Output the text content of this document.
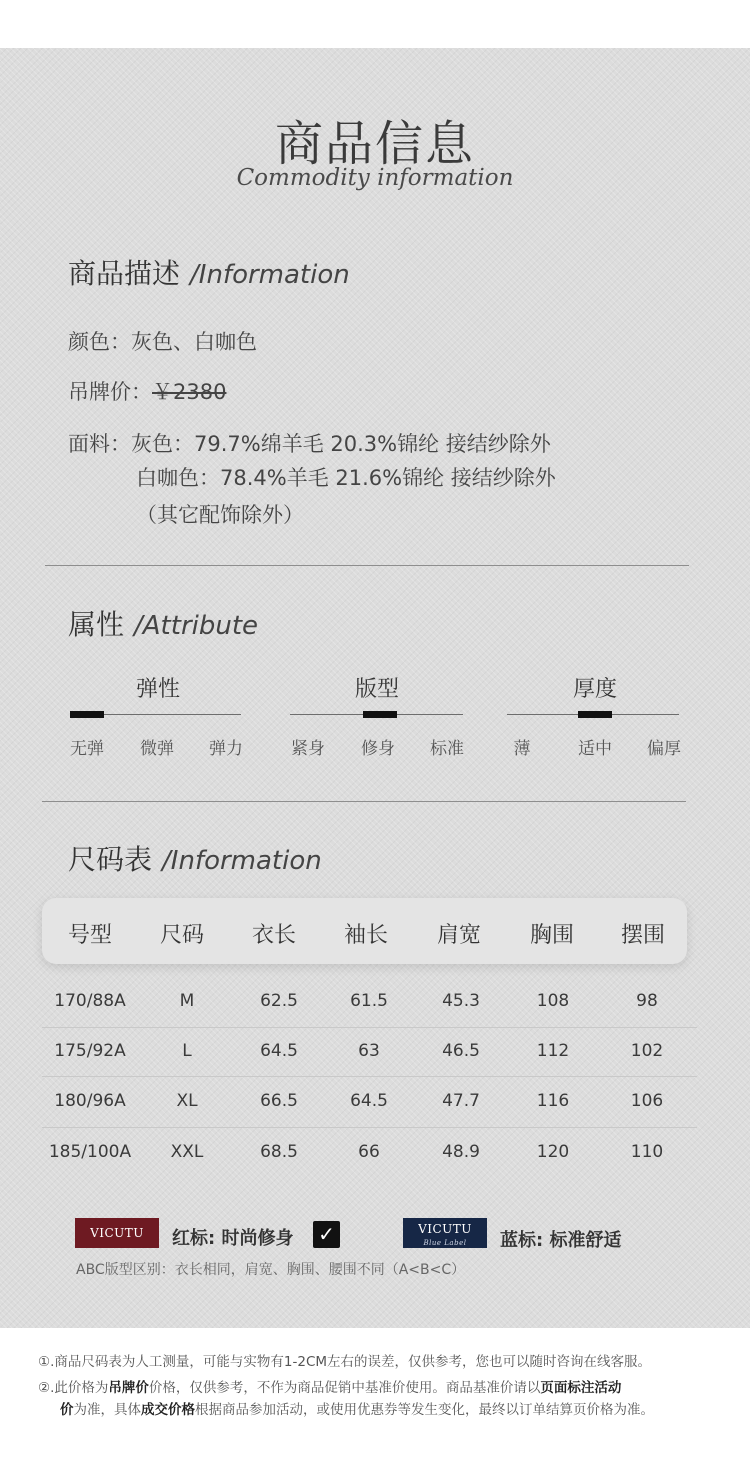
商品信息
Commodity information
商品描述 /Information
颜色：灰色、白咖色
吊牌价：￥2380
面料：灰色：79.7%绵羊毛 20.3%锦纶 接结纱除外
白咖色：78.4%羊毛 21.6%锦纶 接结纱除外
（其它配饰除外）
属性 /Attribute
弹性
无弹	微弹	弹力
版型
紧身	修身	标准
厚度
薄	适中	偏厚
尺码表 /Information
号型	尺码	衣长	袖长	肩宽	胸围	摆围
170/88A	M	62.5	61.5	45.3	108	98
175/92A	L	64.5	63	46.5	112	102
180/96A	XL	66.5	64.5	47.7	116	106
185/100A	XXL	68.5	66	48.9	120	110
VICUTU	红标: 时尚修身 ✓	VICUTU
Blue Label	蓝标: 标准舒适
ABC版型区别：衣长相同，肩宽、胸围、腰围不同（A<B<C）
①.商品尺码表为人工测量，可能与实物有1-2CM左右的误差，仅供参考，您也可以随时咨询在线客服。
②.此价格为吊牌价价格，仅供参考，不作为商品促销中基准价使用。商品基准价请以页面标注活动
价为准，具体成交价格根据商品参加活动，或使用优惠券等发生变化，最终以订单结算页价格为准。
